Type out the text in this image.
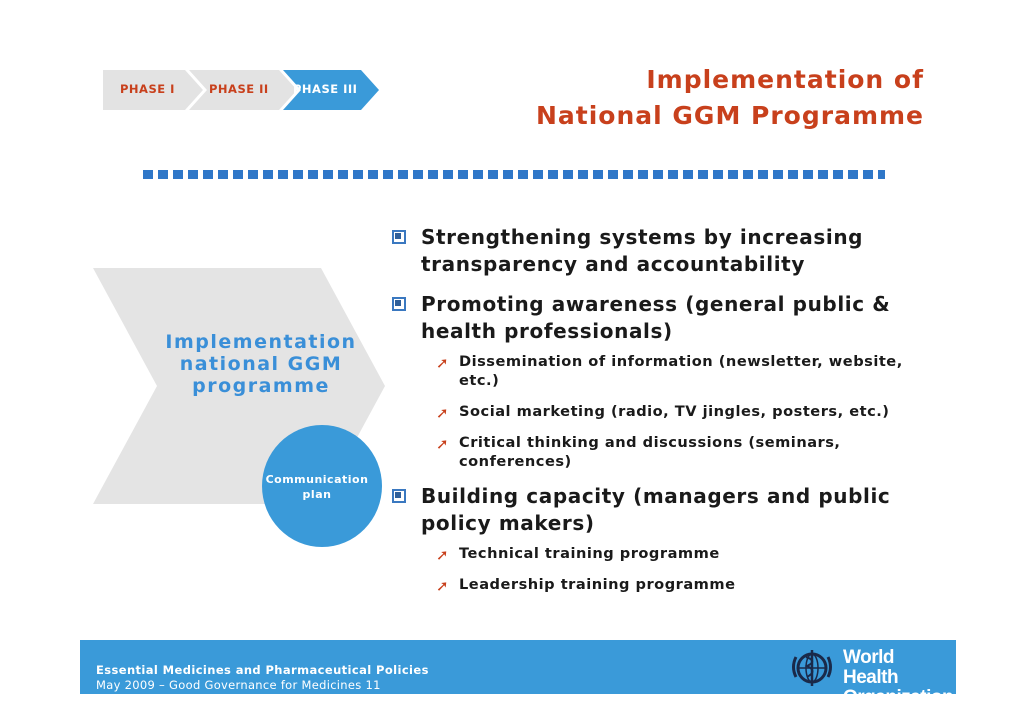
PHASE I	PHASE II PHASE III	Implementation of
National GGM Programme
Implementation national GGM programme
Communication plan
Strengthening systems by increasing transparency and accountability
Promoting awareness (general public & health professionals)
➚ Dissemination of information (newsletter, website, etc.)
➚ Social marketing (radio, TV jingles, posters, etc.)
➚ Critical thinking and discussions (seminars, conferences)
Building capacity (managers and public policy makers)
➚ Technical training programme
➚ Leadership training programme
Essential Medicines and Pharmaceutical Policies
May 2009 – Good Governance for Medicines 11
World Health Organization
